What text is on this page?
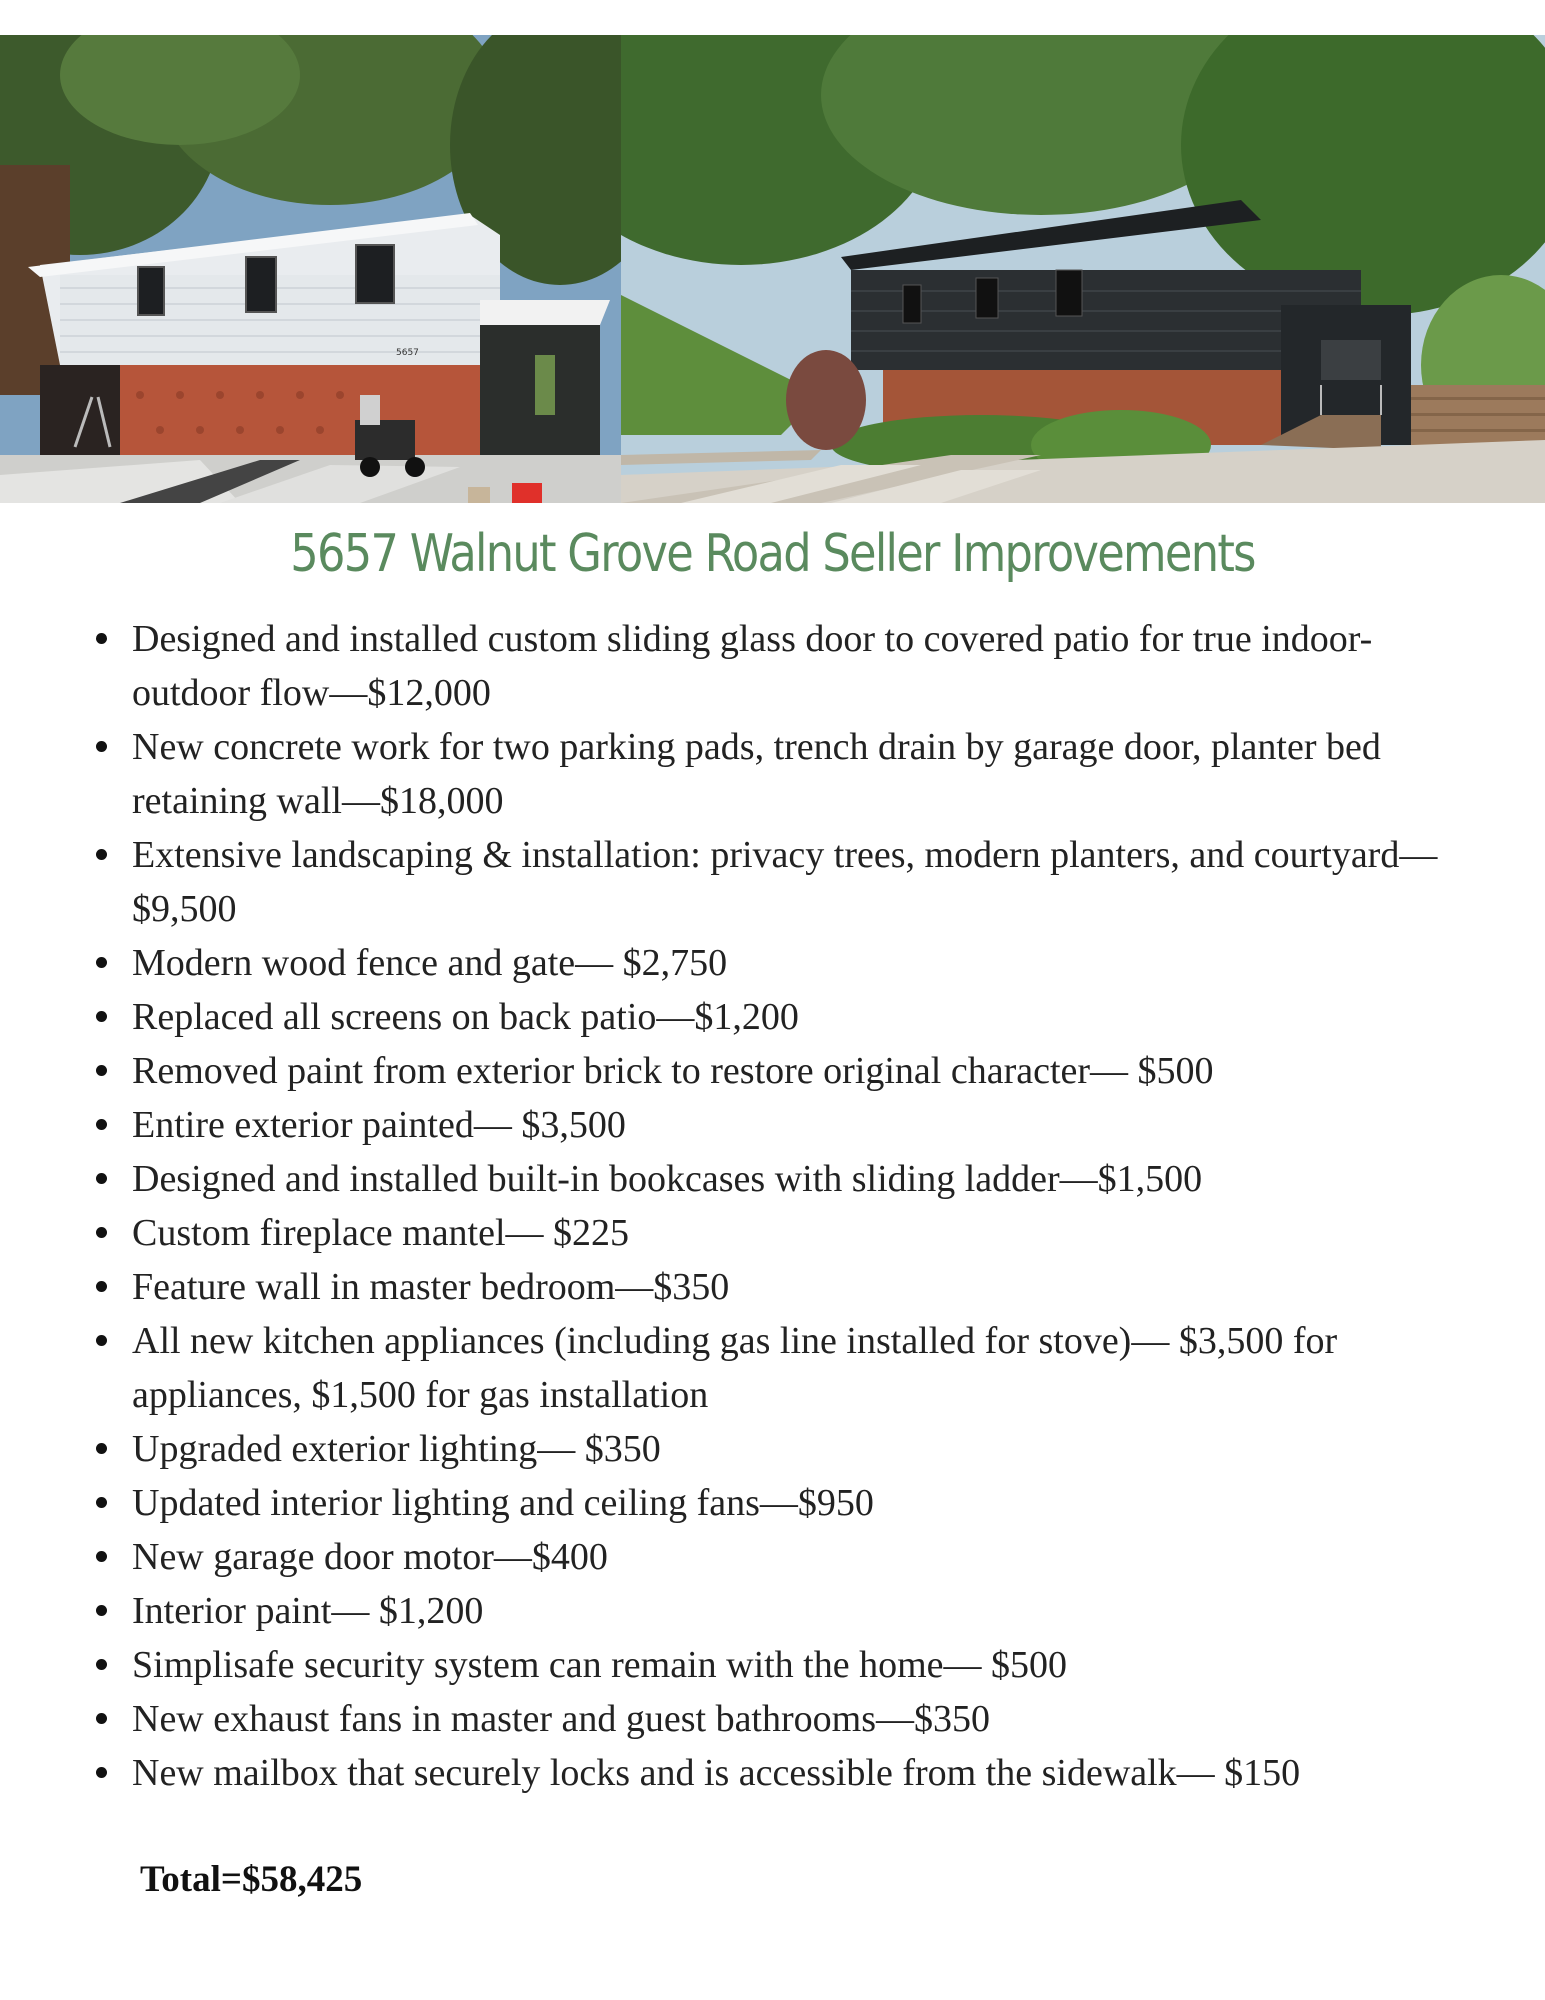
5657
5657 Walnut Grove Road Seller Improvements
Designed and installed custom sliding glass door to covered patio for true indoor-outdoor flow—$12,000
New concrete work for two parking pads, trench drain by garage door, planter bed retaining wall—$18,000
Extensive landscaping & installation: privacy trees, modern planters, and courtyard— $9,500
Modern wood fence and gate— $2,750
Replaced all screens on back patio—$1,200
Removed paint from exterior brick to restore original character— $500
Entire exterior painted— $3,500
Designed and installed built-in bookcases with sliding ladder—$1,500
Custom fireplace mantel— $225
Feature wall in master bedroom—$350
All new kitchen appliances (including gas line installed for stove)— $3,500 for appliances, $1,500 for gas installation
Upgraded exterior lighting— $350
Updated interior lighting and ceiling fans—$950
New garage door motor—$400
Interior paint— $1,200
Simplisafe security system can remain with the home— $500
New exhaust fans in master and guest bathrooms—$350
New mailbox that securely locks and is accessible from the sidewalk— $150
Total=$58,425
